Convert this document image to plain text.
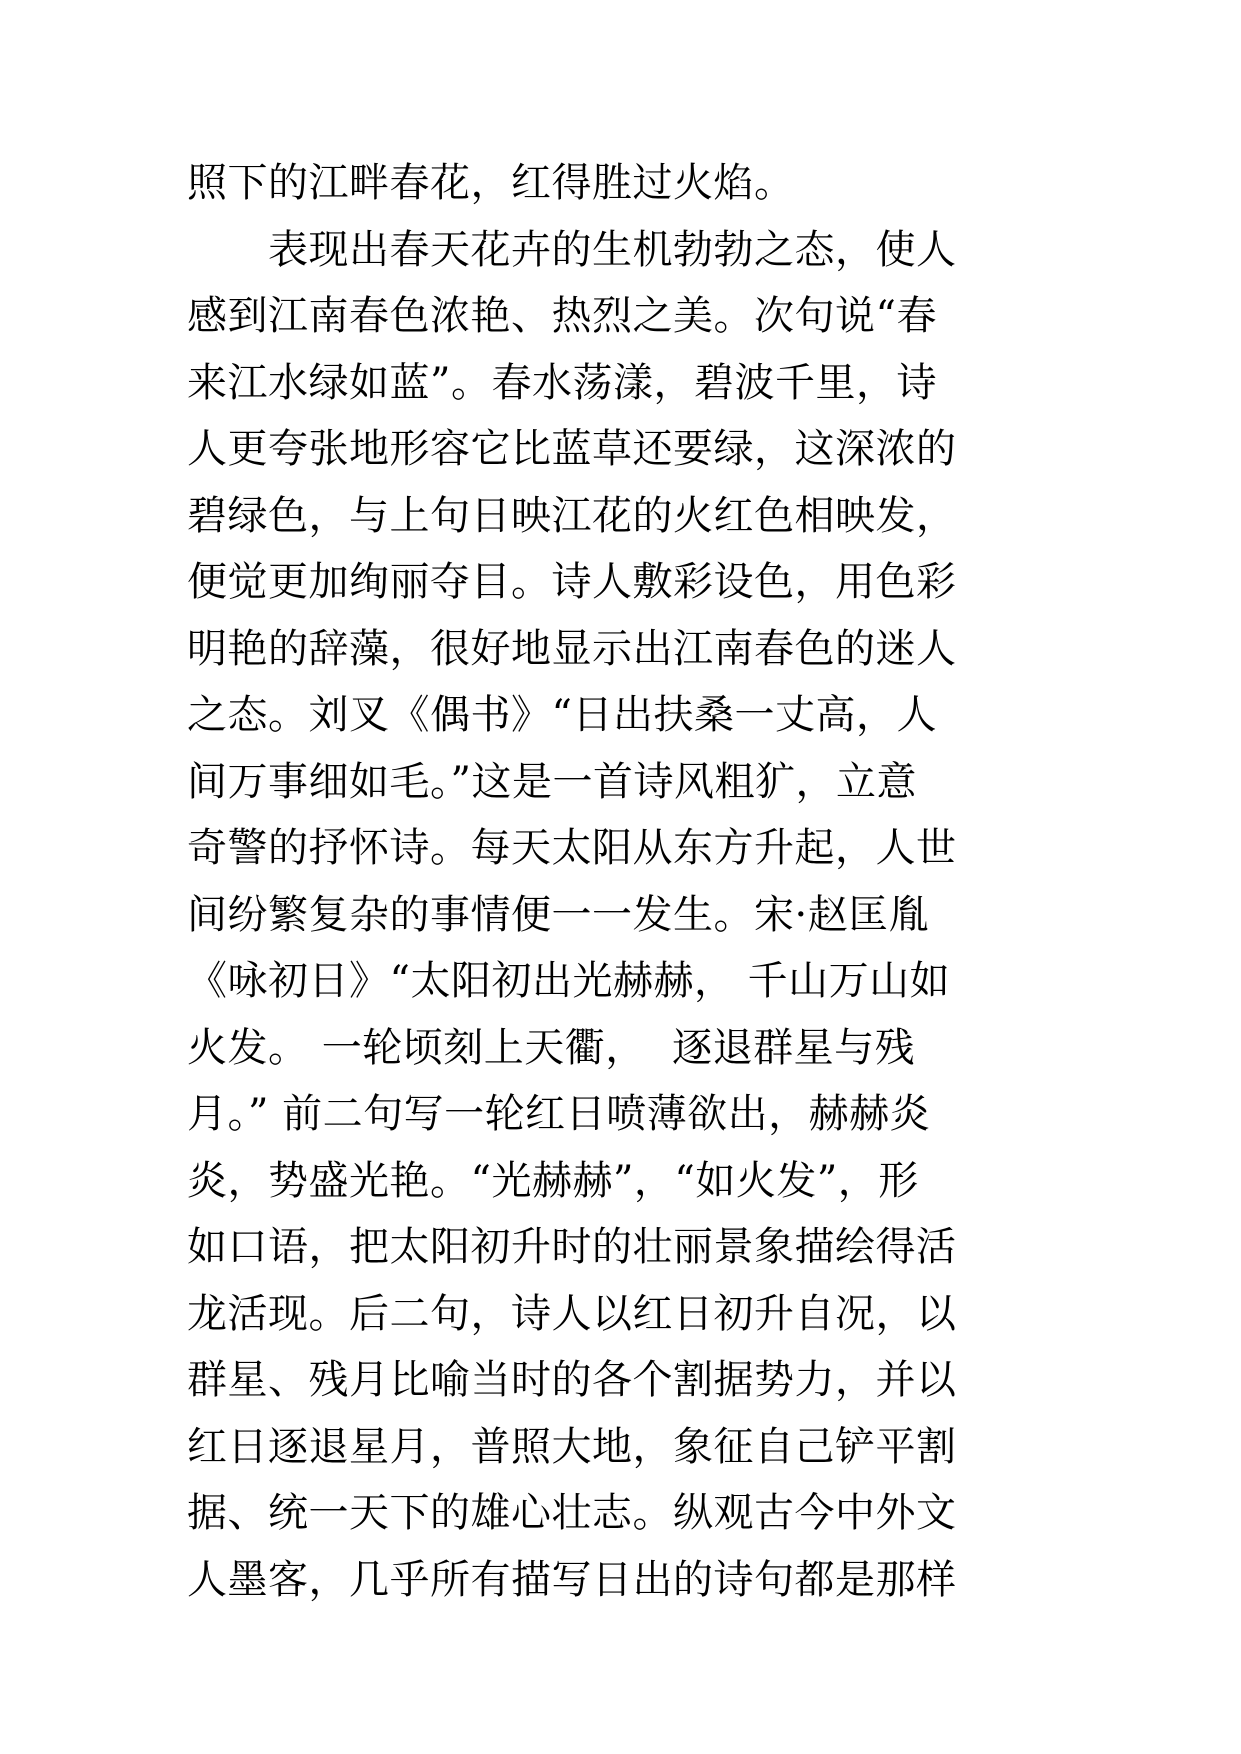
照下的江畔春花，红得胜过火焰。
　　表现出春天花卉的生机勃勃之态，使人
感到江南春色浓艳、热烈之美。次句说“春
来江水绿如蓝”。春水荡漾，碧波千里，诗
人更夸张地形容它比蓝草还要绿，这深浓的
碧绿色，与上句日映江花的火红色相映发，
便觉更加绚丽夺目。诗人敷彩设色，用色彩
明艳的辞藻，很好地显示出江南春色的迷人
之态。刘叉《偶书》“日出扶桑一丈高，人
间万事细如毛。”这是一首诗风粗犷，立意
奇警的抒怀诗。每天太阳从东方升起，人世
间纷繁复杂的事情便一一发生。宋·赵匡胤
《咏初日》“太阳初出光赫赫， 千山万山如
火发。 一轮顷刻上天衢，  逐退群星与残
月。” 前二句写一轮红日喷薄欲出，赫赫炎
炎，势盛光艳。“光赫赫”，“如火发”，形
如口语，把太阳初升时的壮丽景象描绘得活
龙活现。后二句，诗人以红日初升自况，以
群星、残月比喻当时的各个割据势力，并以
红日逐退星月，普照大地，象征自己铲平割
据、统一天下的雄心壮志。纵观古今中外文
人墨客，几乎所有描写日出的诗句都是那样
